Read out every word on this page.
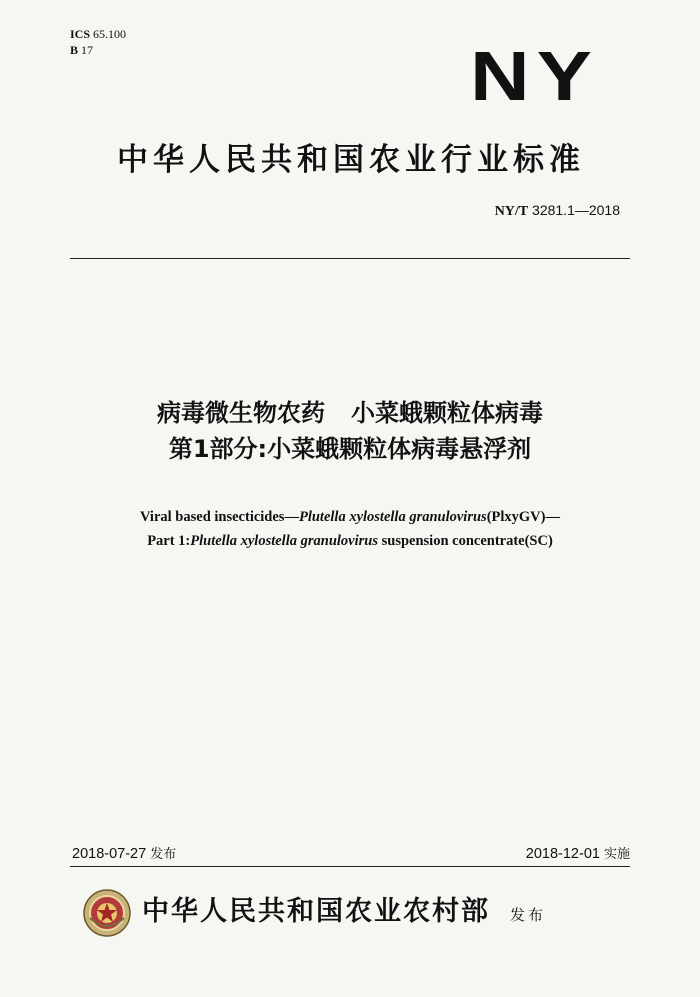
ICS 65.100
B 17	NY
中华人民共和国农业行业标准
NY/T 3281.1—2018
病毒微生物农药 小菜蛾颗粒体病毒
第1部分:小菜蛾颗粒体病毒悬浮剂
Viral based insecticides—Plutella xylostella granulovirus(PlxyGV)—
Part 1:Plutella xylostella granulovirus suspension concentrate(SC)
2018-07-27 发布	2018-12-01 实施
中华人民共和国农业农村部 发布
